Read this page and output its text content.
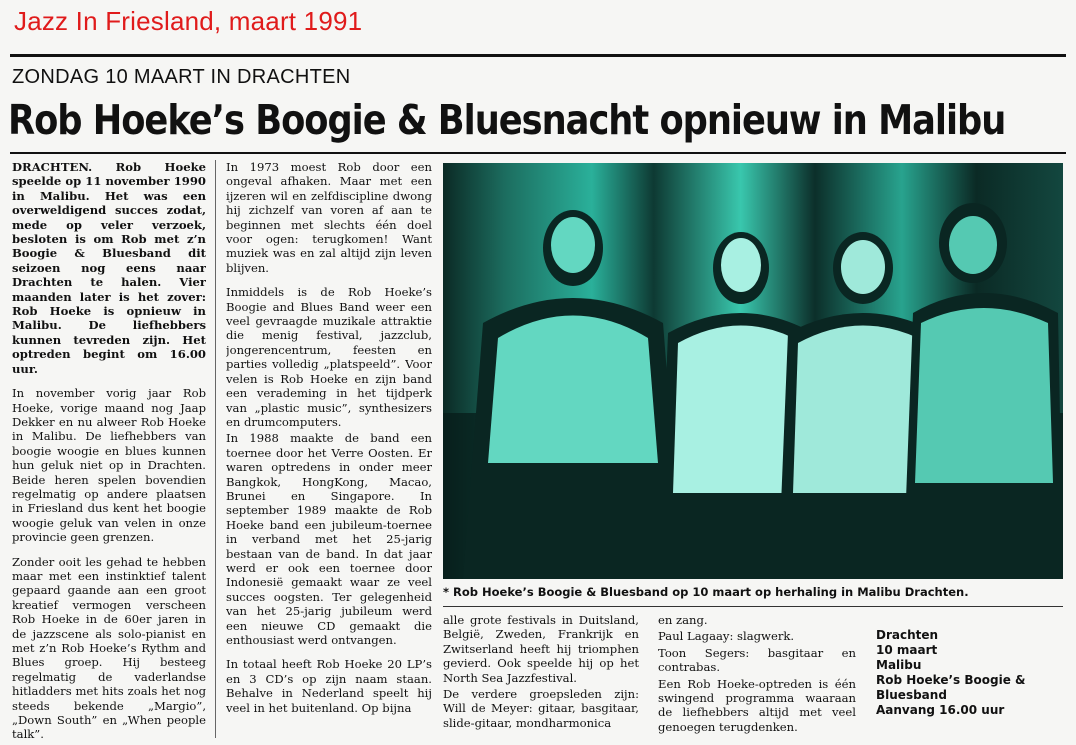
Jazz In Friesland, maart 1991
ZONDAG 10 MAART IN DRACHTEN
Rob Hoeke’s Boogie & Bluesnacht opnieuw in Malibu

DRACHTEN. Rob Hoeke speelde op 11 november 1990 in Malibu. Het was een overweldigend succes zodat, mede op veler verzoek, besloten is om Rob met z’n Boogie & Bluesband dit seizoen nog eens naar Drachten te halen. Vier maanden later is het zover: Rob Hoeke is opnieuw in Malibu. De liefhebbers kunnen tevreden zijn. Het optreden begint om 16.00 uur.

In november vorig jaar Rob Hoeke, vorige maand nog Jaap Dekker en nu alweer Rob Hoeke in Malibu. De liefhebbers van boogie woogie en blues kunnen hun geluk niet op in Drachten. Beide heren spelen bovendien regelmatig op andere plaatsen in Friesland dus kent het boogie woogie geluk van velen in onze provincie geen grenzen.

Zonder ooit les gehad te hebben maar met een instinktief talent gepaard gaande aan een groot kreatief vermogen verscheen Rob Hoeke in de 60er jaren in de jazzscene als solo-pianist en met z’n Rob Hoeke’s Rythm and Blues groep. Hij besteeg regelmatig de vaderlandse hitladders met hits zoals het nog steeds bekende „Margio”, „Down South” en „When people talk”.

In 1973 moest Rob door een ongeval afhaken. Maar met een ijzeren wil en zelfdiscipline dwong hij zichzelf van voren af aan te beginnen met slechts één doel voor ogen: terugkomen! Want muziek was en zal altijd zijn leven blijven.

Inmiddels is de Rob Hoeke’s Boogie and Blues Band weer een veel gevraagde muzikale attraktie die menig festival, jazzclub, jongerencentrum, feesten en parties volledig „platspeeld”. Voor velen is Rob Hoeke en zijn band een verademing in het tijdperk van „plastic music”, synthesizers en drumcomputers.

In 1988 maakte de band een toernee door het Verre Oosten. Er waren optredens in onder meer Bangkok, HongKong, Macao, Brunei en Singapore. In september 1989 maakte de Rob Hoeke band een jubileum-toernee in verband met het 25-jarig bestaan van de band. In dat jaar werd er ook een toernee door Indonesië gemaakt waar ze veel succes oogsten. Ter gelegenheid van het 25-jarig jubileum werd een nieuwe CD gemaakt die enthousiast werd ontvangen.

In totaal heeft Rob Hoeke 20 LP’s en 3 CD’s op zijn naam staan. Behalve in Nederland speelt hij veel in het buitenland. Op bijna

* Rob Hoeke’s Boogie & Bluesband op 10 maart op herhaling in Malibu Drachten.

alle grote festivals in Duitsland, België, Zweden, Frankrijk en Zwitserland heeft hij triomphen gevierd. Ook speelde hij op het North Sea Jazzfestival.

De verdere groepsleden zijn: Will de Meyer: gitaar, basgitaar, slide-gitaar, mondharmonica

en zang.

Paul Lagaay: slagwerk.

Toon Segers: basgitaar en contrabas.

Een Rob Hoeke-optreden is één swingend programma waaraan de liefhebbers altijd met veel genoegen terugdenken.

Drachten
10 maart
Malibu
Rob Hoeke’s Boogie & Bluesband
Aanvang 16.00 uur
